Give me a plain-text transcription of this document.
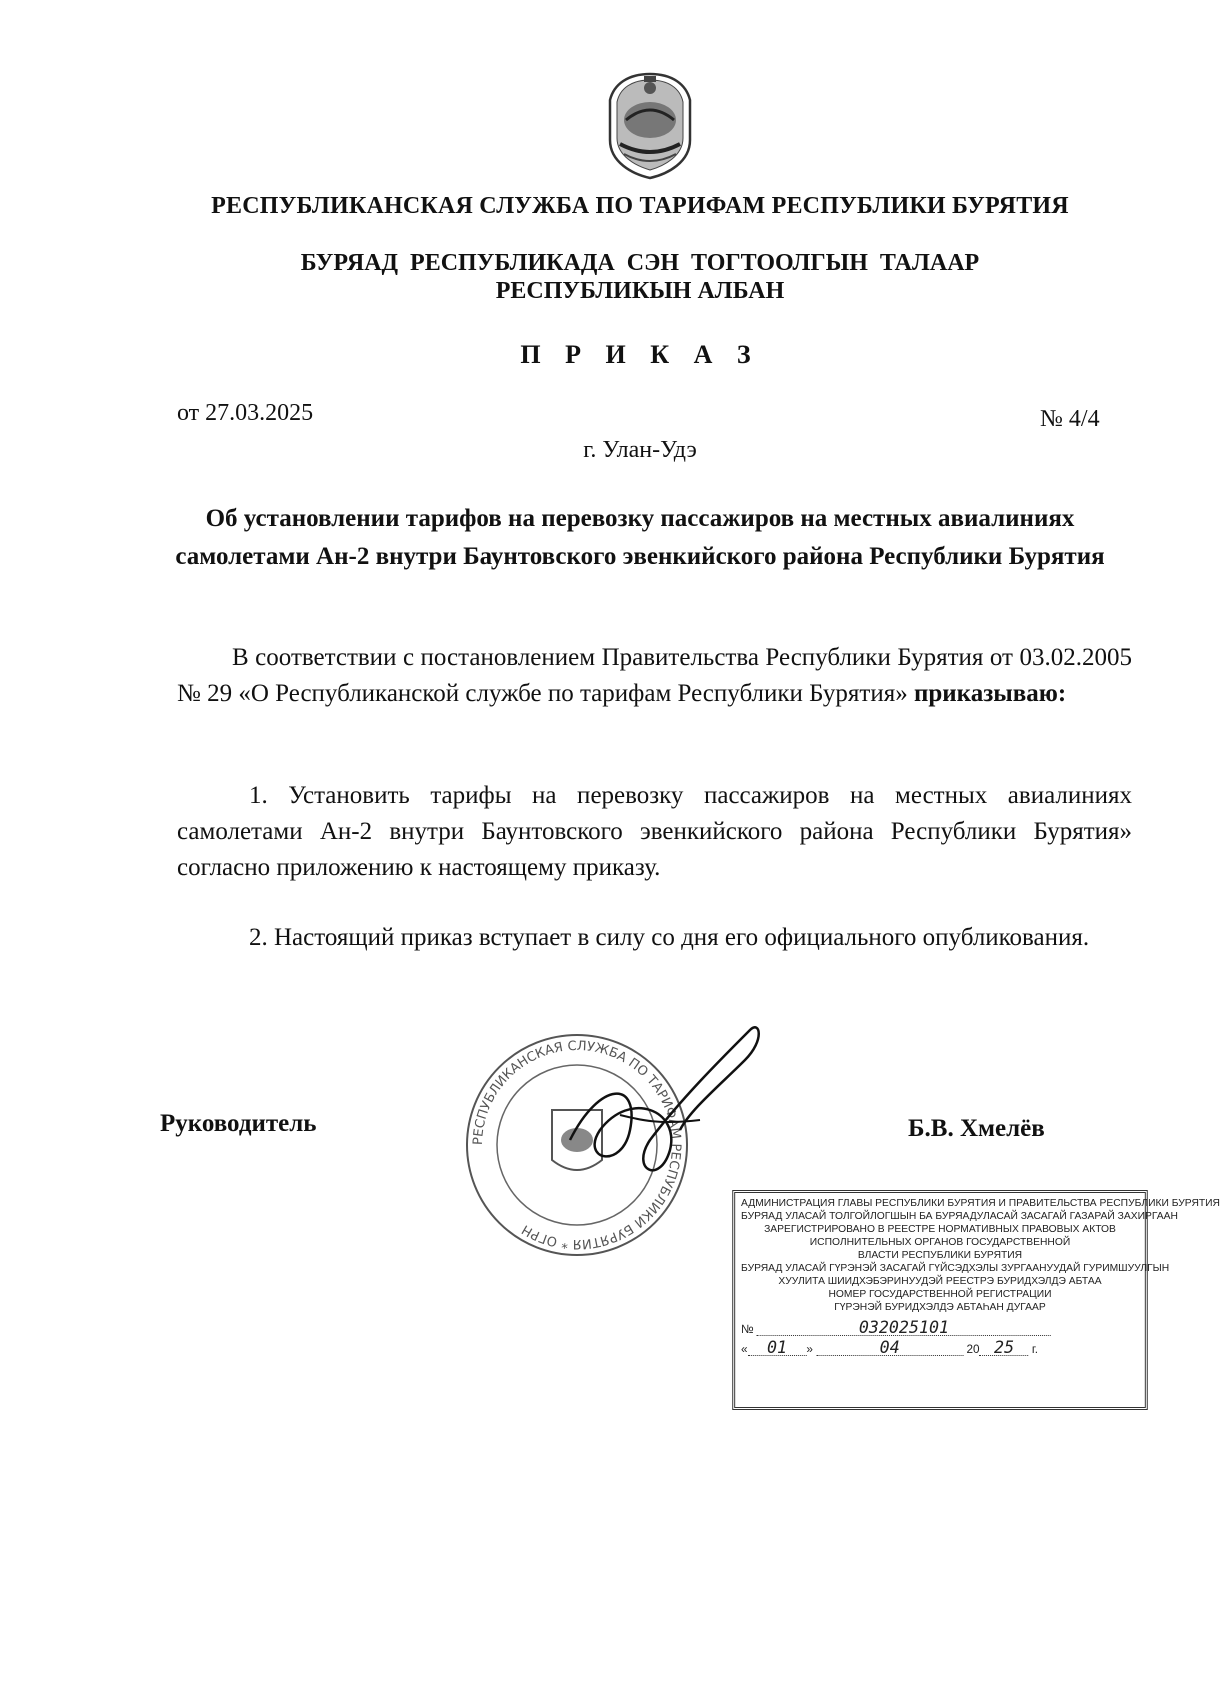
РЕСПУБЛИКАНСКАЯ СЛУЖБА ПО ТАРИФАМ РЕСПУБЛИКИ БУРЯТИЯ
БУРЯАД РЕСПУБЛИКАДА СЭН ТОГТООЛГЫН ТАЛААР
РЕСПУБЛИКЫН АЛБАН
П Р И К А З
от 27.03.2025	№ 4/4
г. Улан-Удэ
Об установлении тарифов на перевозку пассажиров на местных авиалиниях самолетами Ан-2 внутри Баунтовского эвенкийского района Республики Бурятия
В соответствии с постановлением Правительства Республики Бурятия от 03.02.2005 № 29 «О Республиканской службе по тарифам Республики Бурятия» приказываю:
1. Установить тарифы на перевозку пассажиров на местных авиалиниях самолетами Ан-2 внутри Баунтовского эвенкийского района Республики Бурятия» согласно приложению к настоящему приказу.
2. Настоящий приказ вступает в силу со дня его официального опубликования.
РЕСПУБЛИКАНСКАЯ СЛУЖБА ПО ТАРИФАМ РЕСПУБЛИКИ БУРЯТИЯ * ОГРН
Руководитель	Б.В. Хмелёв
АДМИНИСТРАЦИЯ ГЛАВЫ РЕСПУБЛИКИ БУРЯТИЯ И ПРАВИТЕЛЬСТВА РЕСПУБЛИКИ БУРЯТИЯ
БУРЯАД УЛАСАЙ ТОЛГОЙЛОГШЫН БА БУРЯАДУЛАСАЙ ЗАСАГАЙ ГАЗАРАЙ ЗАХИРГААН
ЗАРЕГИСТРИРОВАНО В РЕЕСТРЕ НОРМАТИВНЫХ ПРАВОВЫХ АКТОВ
ИСПОЛНИТЕЛЬНЫХ ОРГАНОВ ГОСУДАРСТВЕННОЙ
ВЛАСТИ РЕСПУБЛИКИ БУРЯТИЯ
БУРЯАД УЛАСАЙ ГҮРЭНЭЙ ЗАСАГАЙ ГҮЙСЭДХЭЛЫ ЗУРГААНУУДАЙ ГУРИМШУУЛГЫН
ХУУЛИТА ШИИДХЭБЭРИНУУДЭЙ РЕЕСТРЭ БУРИДХЭЛДЭ АБТАА
НОМЕР ГОСУДАРСТВЕННОЙ РЕГИСТРАЦИИ
ГҮРЭНЭЙ БУРИДХЭЛДЭ АБТАҺАН ДУГААР
№	032025101
« 01 »	04	20 25 г.
